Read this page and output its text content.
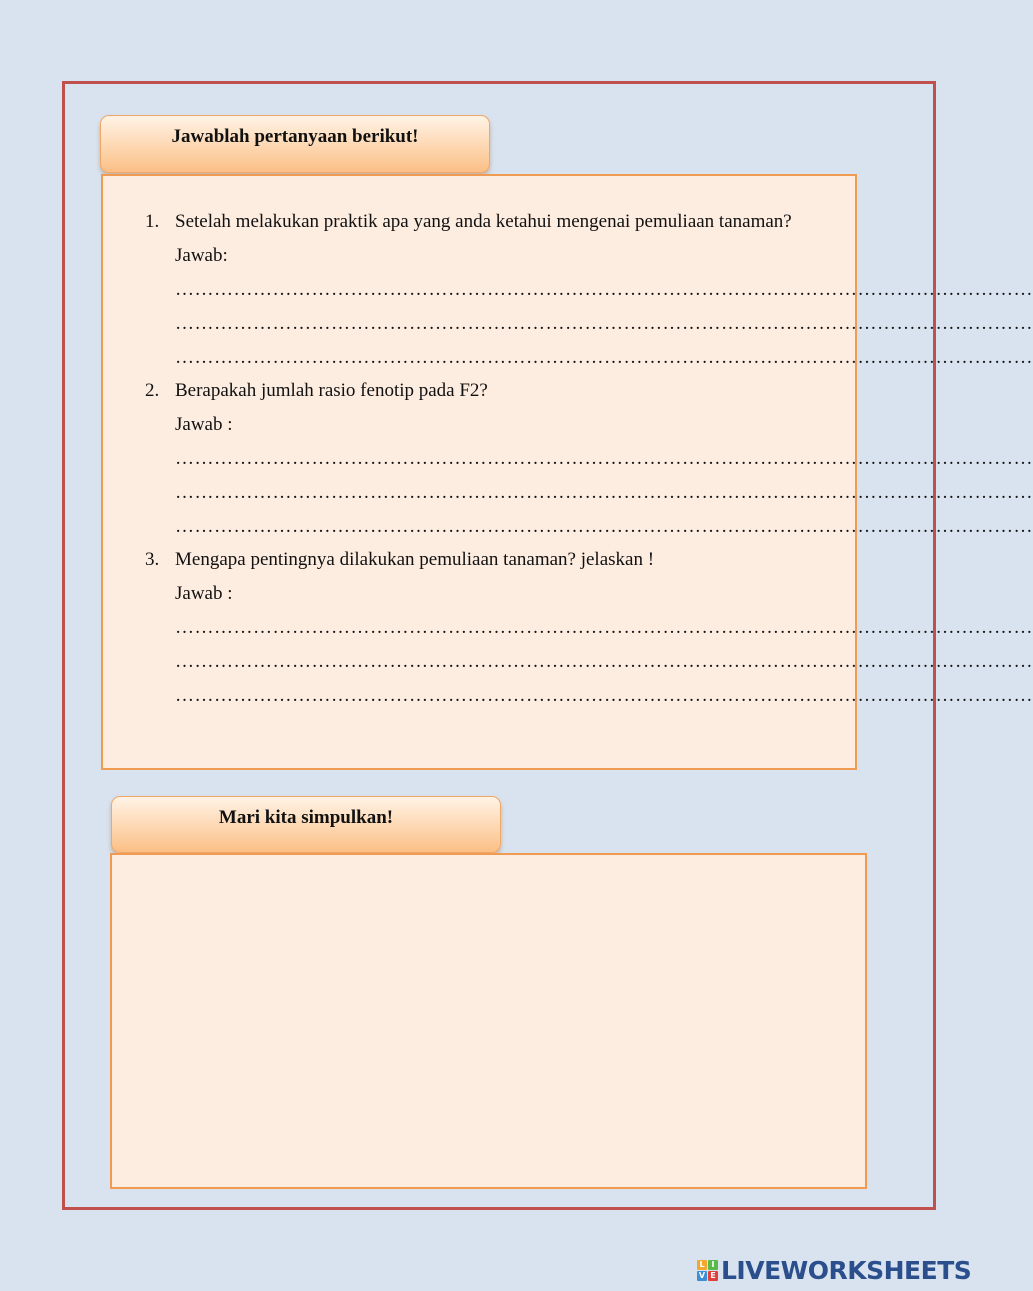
Jawablah pertanyaan berikut!
1. Setelah melakukan praktik apa yang anda ketahui mengenai pemuliaan tanaman?
Jawab:
……………………………………………………………………………………………………………………
……………………………………………………………………………………………………………………
……………………………………………………………………………………………………………………
2. Berapakah jumlah rasio fenotip pada F2?
Jawab :
……………………………………………………………………………………………………………………
……………………………………………………………………………………………………………………
……………………………………………………………………………………………………………………
3. Mengapa pentingnya dilakukan pemuliaan tanaman? jelaskan !
Jawab :
……………………………………………………………………………………………………………………
……………………………………………………………………………………………………………………
……………………………………………………………………………………………………………………
Mari kita simpulkan!
L I
V E LIVEWORKSHEETS
